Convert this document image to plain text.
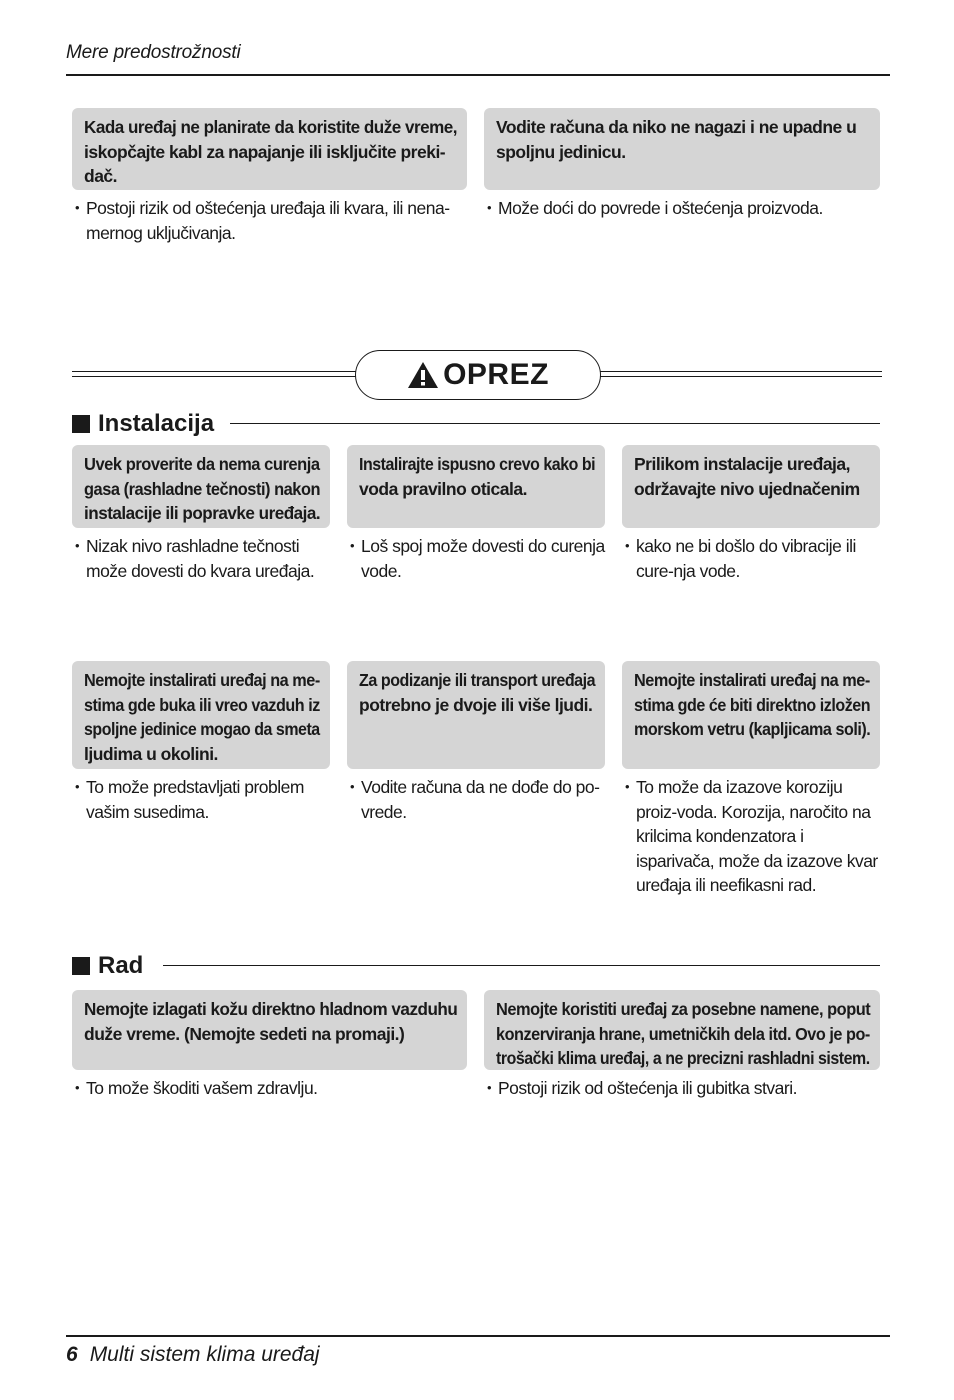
Mere predostrožnosti
Kada uređaj ne planirate da koristite duže vreme,
iskopčajte kabl za napajanje ili isključite preki-
dač.
• Postoji rizik od oštećenja uređaja ili kvara, ili nena-mernog uključivanja.
Vodite računa da niko ne nagazi i ne upadne u
spoljnu jedinicu.
• Može doći do povrede i oštećenja proizvoda.
OPREZ
Instalacija
Uvek proverite da nema curenja
gasa (rashladne tečnosti) nakon
instalacije ili popravke uređaja.
• Nizak nivo rashladne tečnosti može dovesti do kvara uređaja.
Instalirajte ispusno crevo kako bi
voda pravilno oticala.
• Loš spoj može dovesti do curenja vode.
Prilikom instalacije uređaja,
održavajte nivo ujednačenim
• kako ne bi došlo do vibracije ili cure-nja vode.
Nemojte instalirati uređaj na me-
stima gde buka ili vreo vazduh iz
spoljne jedinice mogao da smeta
ljudima u okolini.
• To može predstavljati problem vašim susedima.
Za podizanje ili transport uređaja
potrebno je dvoje ili više ljudi.
• Vodite računa da ne dođe do po-vrede.
Nemojte instalirati uređaj na me-
stima gde će biti direktno izložen
morskom vetru (kapljicama soli).
• To može da izazove koroziju proiz-voda. Korozija, naročito na krilcima kondenzatora i isparivača, može da izazove kvar uređaja ili neefikasni rad.
Rad
Nemojte izlagati kožu direktno hladnom vazduhu
duže vreme. (Nemojte sedeti na promaji.)
• To može škoditi vašem zdravlju.
Nemojte koristiti uređaj za posebne namene, poput
konzerviranja hrane, umetničkih dela itd. Ovo je po-
trošački klima uređaj, a ne precizni rashladni sistem.
• Postoji rizik od oštećenja ili gubitka stvari.
6 Multi sistem klima uređaj
